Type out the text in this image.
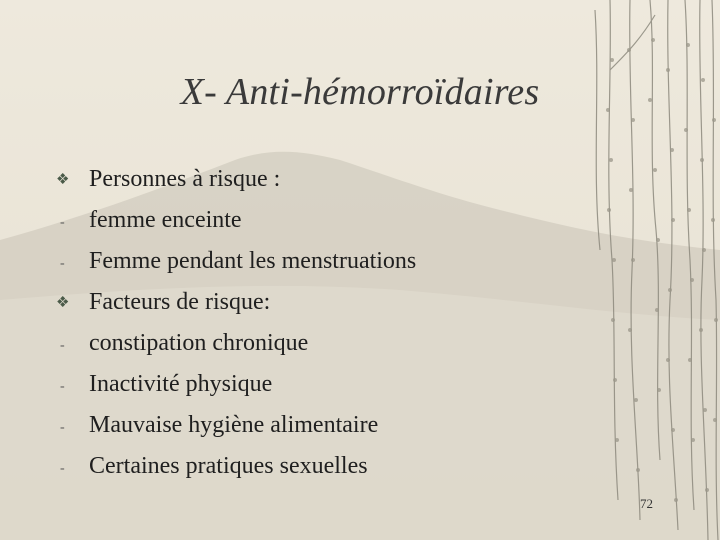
X- Anti-hémorroïdaires
❖ Personnes à risque :
-	femme enceinte
-	Femme pendant les menstruations
❖ Facteurs de risque:
-	constipation chronique
-	Inactivité physique
-	Mauvaise hygiène alimentaire
-	Certaines pratiques sexuelles
72
